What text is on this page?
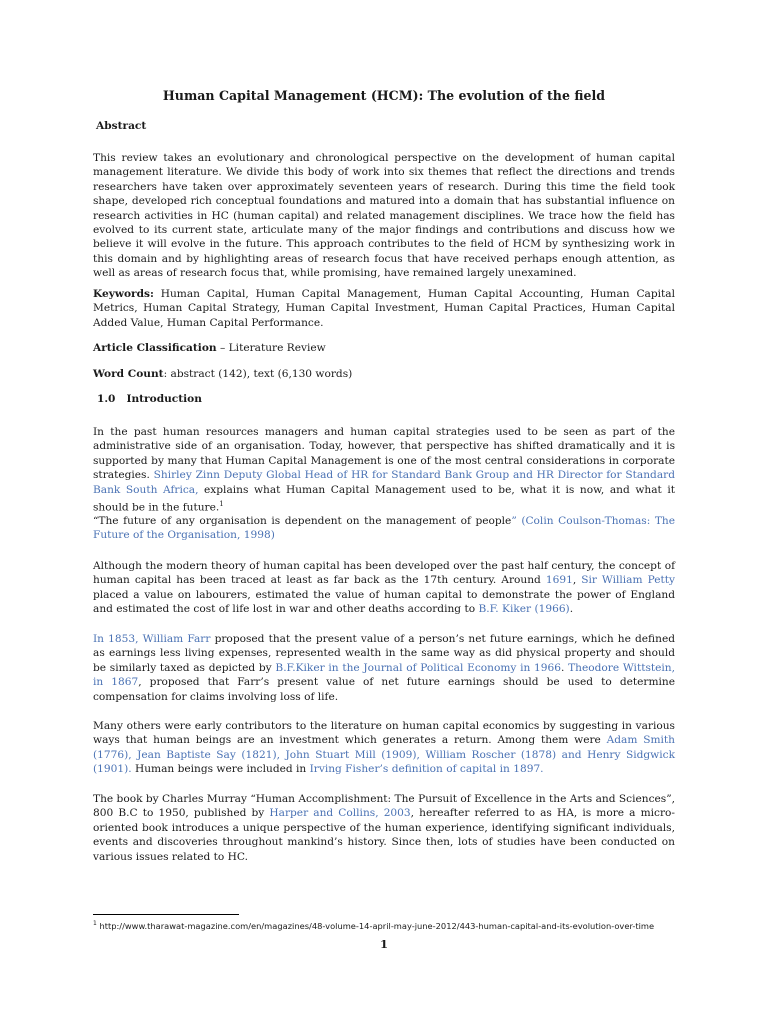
Human Capital Management (HCM): The evolution of the field
Abstract
This review takes an evolutionary and chronological perspective on the development of human capital management literature. We divide this body of work into six themes that reflect the directions and trends researchers have taken over approximately seventeen years of research. During this time the field took shape, developed rich conceptual foundations and matured into a domain that has substantial influence on research activities in HC (human capital) and related management disciplines. We trace how the field has evolved to its current state, articulate many of the major findings and contributions and discuss how we believe it will evolve in the future. This approach contributes to the field of HCM by synthesizing work in this domain and by highlighting areas of research focus that have received perhaps enough attention, as well as areas of research focus that, while promising, have remained largely unexamined.
Keywords: Human Capital, Human Capital Management, Human Capital Accounting, Human Capital Metrics, Human Capital Strategy, Human Capital Investment, Human Capital Practices, Human Capital Added Value, Human Capital Performance.
Article Classification – Literature Review
Word Count: abstract (142), text (6,130 words)
1.0   Introduction
In the past human resources managers and human capital strategies used to be seen as part of the administrative side of an organisation. Today, however, that perspective has shifted dramatically and it is supported by many that Human Capital Management is one of the most central considerations in corporate strategies. Shirley Zinn Deputy Global Head of HR for Standard Bank Group and HR Director for Standard Bank South Africa, explains what Human Capital Management used to be, what it is now, and what it should be in the future.$^1$
“The future of any organisation is dependent on the management of people” (Colin Coulson-Thomas: The Future of the Organisation, 1998)
Although the modern theory of human capital has been developed over the past half century, the concept of human capital has been traced at least as far back as the 17th century. Around 1691, Sir William Petty placed a value on labourers, estimated the value of human capital to demonstrate the power of England and estimated the cost of life lost in war and other deaths according to B.F. Kiker (1966).
In 1853, William Farr proposed that the present value of a person’s net future earnings, which he defined as earnings less living expenses, represented wealth in the same way as did physical property and should be similarly taxed as depicted by B.F.Kiker in the Journal of Political Economy in 1966. Theodore Wittstein, in 1867, proposed that Farr’s present value of net future earnings should be used to determine compensation for claims involving loss of life.
Many others were early contributors to the literature on human capital economics by suggesting in various ways that human beings are an investment which generates a return. Among them were Adam Smith (1776), Jean Baptiste Say (1821), John Stuart Mill (1909), William Roscher (1878) and Henry Sidgwick (1901). Human beings were included in Irving Fisher’s definition of capital in 1897.
The book by Charles Murray “Human Accomplishment: The Pursuit of Excellence in the Arts and Sciences”, 800 B.C to 1950, published by Harper and Collins, 2003, hereafter referred to as HA, is more a micro-oriented book introduces a unique perspective of the human experience, identifying significant individuals, events and discoveries throughout mankind’s history. Since then, lots of studies have been conducted on various issues related to HC.
$^1$ http://www.tharawat-magazine.com/en/magazines/48-volume-14-april-may-june-2012/443-human-capital-and-its-evolution-over-time
1
